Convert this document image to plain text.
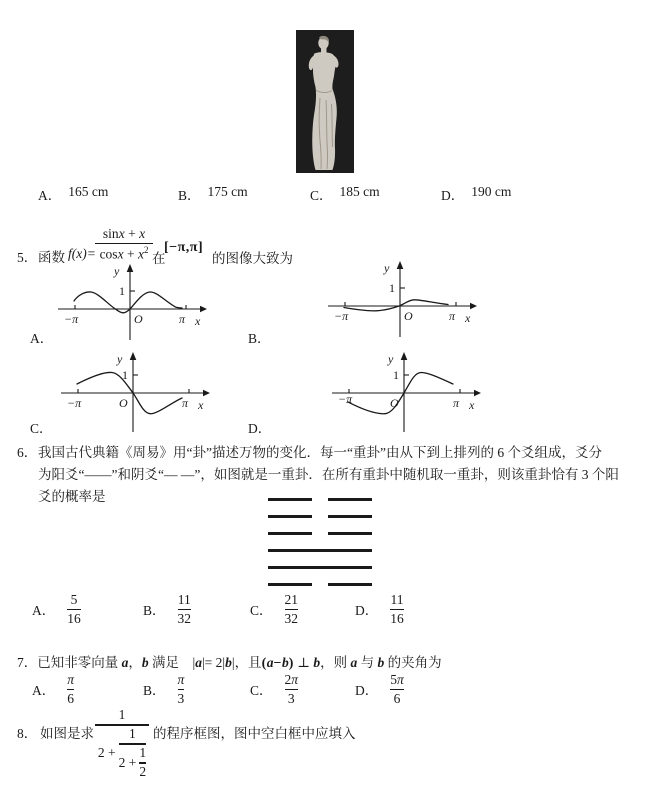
A． 165 cm	B． 175 cm	C． 185 cm	D． 190 cm
5． 函数 f(x)=
sinx + x
$\cos x + x^2$
在
[−π,π]
的图像大致为
y
1
−π	O	π x
A．
y
1
−π	O	π x
B．
y
1
−π	O	π x
C．
y
1
−π	O	π x
D．
6． 我国古代典籍《周易》用“卦”描述万物的变化．每一“重卦”由从下到上排列的 6 个爻组成，爻分
为阳爻“——”和阴爻“— —”，如图就是一重卦．在所有重卦中随机取一重卦，则该重卦恰有 3 个阳
爻的概率是
A． $\frac{5}{16}$	B． $\frac{11}{32}$	C． $\frac{21}{32}$	D． $\frac{11}{16}$
7．已知非零向量 a，b 满足　|a|= 2|b|，且(a−b) ⊥ b，则 a 与 b 的夹角为
A． $\frac{\pi}{6}$	B． $\frac{\pi}{3}$	C． $\frac{2\pi}{3}$	D． $\frac{5\pi}{6}$
8． 如图是求
1
2 +
1
2 +
1
2
的程序框图，图中空白框中应填入
